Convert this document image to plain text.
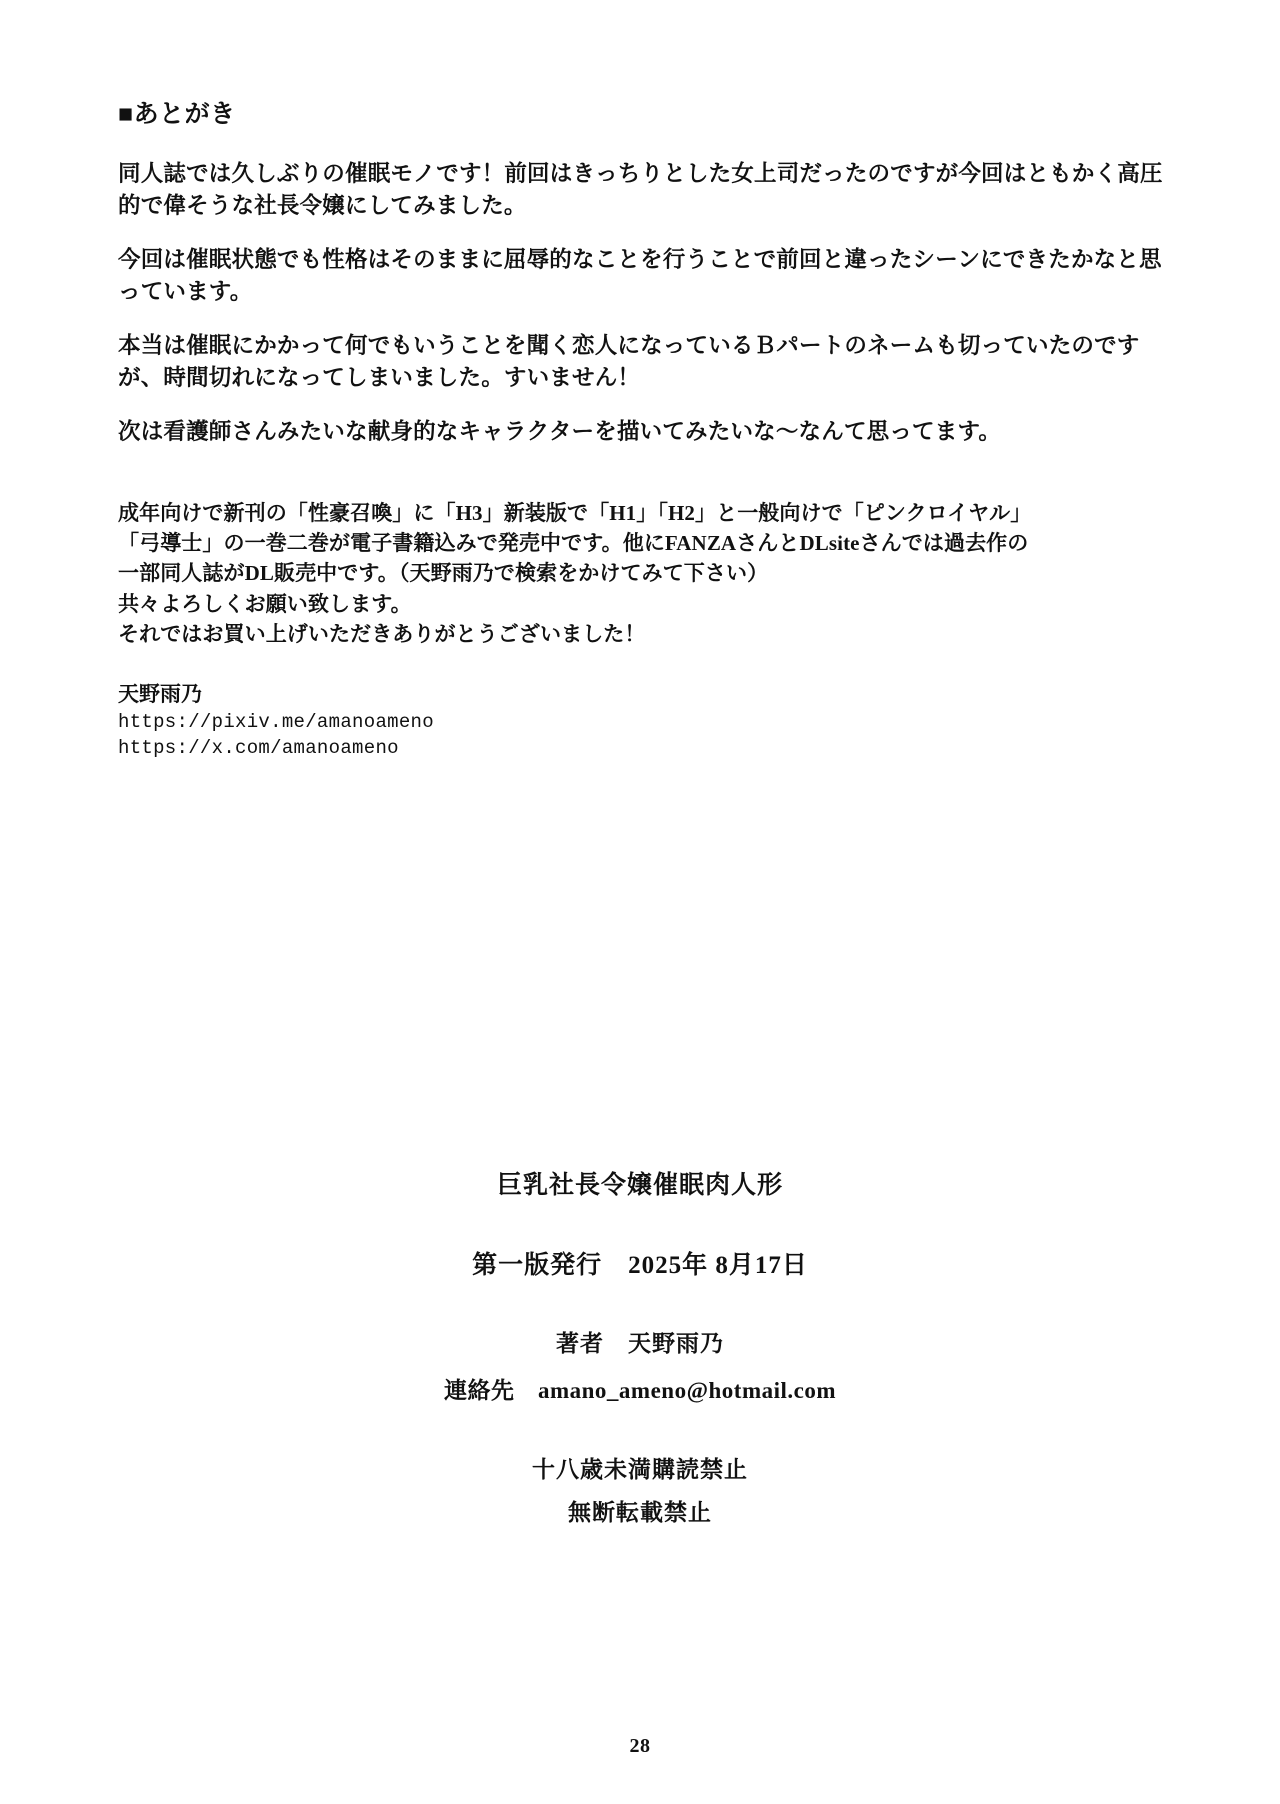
■あとがき

同人誌では久しぶりの催眠モノです！前回はきっちりとした女上司だったのですが今回はともかく高圧的で偉そうな社長令嬢にしてみました。

今回は催眠状態でも性格はそのままに屈辱的なことを行うことで前回と違ったシーンにできたかなと思っています。

本当は催眠にかかって何でもいうことを聞く恋人になっているＢパートのネームも切っていたのですが、時間切れになってしまいました。すいません！

次は看護師さんみたいな献身的なキャラクターを描いてみたいな〜なんて思ってます。

成年向けで新刊の「性豪召喚」に「H3」新装版で「H1」「H2」と一般向けで「ピンクロイヤル」

「弓導士」の一巻二巻が電子書籍込みで発売中です。他にFANZAさんとDLsiteさんでは過去作の

一部同人誌がDL販売中です。（天野雨乃で検索をかけてみて下さい）

共々よろしくお願い致します。

それではお買い上げいただきありがとうございました！

天野雨乃

https://pixiv.me/amanoameno
https://x.com/amanoameno

巨乳社長令嬢催眠肉人形

第一版発行　2025年 8月17日

著者　天野雨乃

連絡先　amano_ameno@hotmail.com

十八歳未満購読禁止

無断転載禁止

28
